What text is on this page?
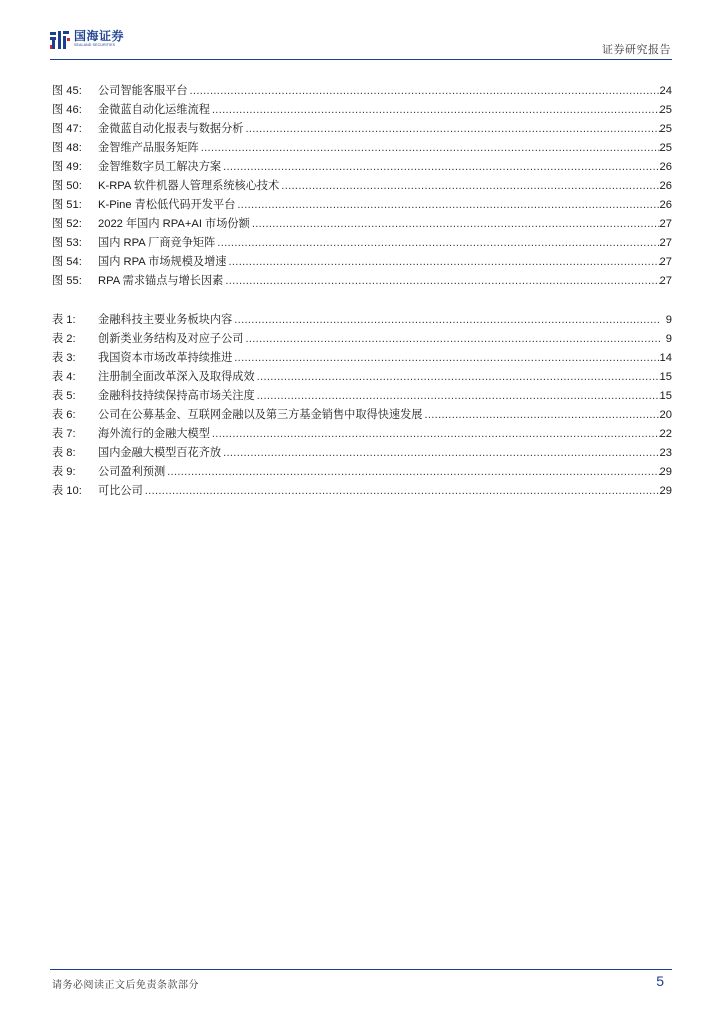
国海证券
SEALAND SECURITIES	证券研究报告
图 45:	公司智能客服平台 .....	24
图 46:	金微蓝自动化运维流程 .....	25
图 47:	金微蓝自动化报表与数据分析 .....	25
图 48:	金智维产品服务矩阵 .....	25
图 49:	金智维数字员工解决方案 .....	26
图 50:	K-RPA 软件机器人管理系统核心技术 .....	26
图 51:	K-Pine 青松低代码开发平台 .....	26
图 52:	2022 年国内 RPA+AI 市场份额 .....	27
图 53:	国内 RPA 厂商竞争矩阵 .....	27
图 54:	国内 RPA 市场规模及增速 .....	27
图 55:	RPA 需求锚点与增长因素 .....	27
表 1:	金融科技主要业务板块内容 .....	9
表 2:	创新类业务结构及对应子公司 .....	9
表 3:	我国资本市场改革持续推进 .....	14
表 4:	注册制全面改革深入及取得成效 .....	15
表 5:	金融科技持续保持高市场关注度 .....	15
表 6:	公司在公募基金、互联网金融以及第三方基金销售中取得快速发展 .....	20
表 7:	海外流行的金融大模型 .....	22
表 8:	国内金融大模型百花齐放 .....	23
表 9:	公司盈利预测 .....	29
表 10:	可比公司 .....	29
请务必阅读正文后免责条款部分	5
